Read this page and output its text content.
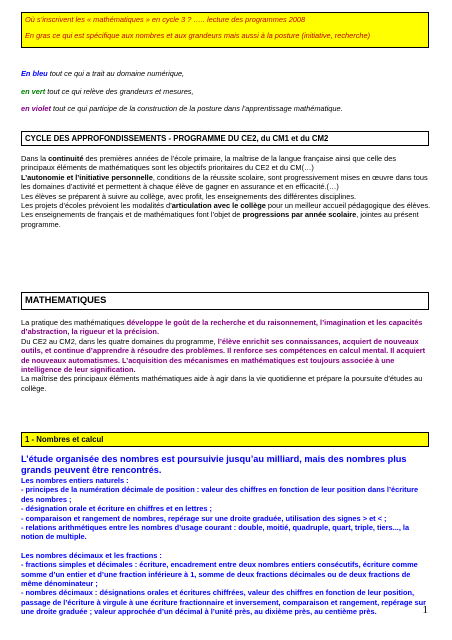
Où s’inscrivent les « mathématiques » en cycle 3 ? ….. lecture des programmes 2008

En gras ce qui est spécifique aux nombres et aux grandeurs mais aussi à la posture (initiative, recherche)

En bleu tout ce qui a trait au domaine numérique,

en vert tout ce qui relève des grandeurs et mesures,

en violet tout ce qui participe de la construction de la posture dans l’apprentissage mathématique.

CYCLE DES APPROFONDISSEMENTS - PROGRAMME DU CE2, du CM1 et du CM2

Dans la continuité des premières années de l’école primaire, la maîtrise de la langue française ainsi que celle des principaux éléments de mathématiques sont les objectifs prioritaires du CE2 et du CM(…)

L’autonomie et l’initiative personnelle, conditions de la réussite scolaire, sont progressivement mises en œuvre dans tous les domaines d’activité et permettent à chaque élève de gagner en assurance et en efficacité.(…)

Les élèves se préparent à suivre au collège, avec profit, les enseignements des différentes disciplines.

Les projets d’écoles prévoient les modalités d’articulation avec le collège pour un meilleur accueil pédagogique des élèves.

Les enseignements de français et de mathématiques font l’objet de progressions par année scolaire, jointes au présent programme.

MATHEMATIQUES

La pratique des mathématiques développe le goût de la recherche et du raisonnement, l’imagination et les capacités d’abstraction, la rigueur et la précision.

Du CE2 au CM2, dans les quatre domaines du programme, l’élève enrichit ses connaissances, acquiert de nouveaux outils, et continue d’apprendre à résoudre des problèmes. Il renforce ses compétences en calcul mental. Il acquiert de nouveaux automatismes. L’acquisition des mécanismes en mathématiques est toujours associée à une intelligence de leur signification.

La maîtrise des principaux éléments mathématiques aide à agir dans la vie quotidienne et prépare la poursuite d’études au collège.

1 - Nombres et calcul

L’étude organisée des nombres est poursuivie jusqu’au milliard, mais des nombres plus grands peuvent être rencontrés.

Les nombres entiers naturels :

- principes de la numération décimale de position : valeur des chiffres en fonction de leur position dans l’écriture des nombres ;

- désignation orale et écriture en chiffres et en lettres ;

- comparaison et rangement de nombres, repérage sur une droite graduée, utilisation des signes > et < ;

- relations arithmétiques entre les nombres d’usage courant : double, moitié, quadruple, quart, triple, tiers..., la notion de multiple.

Les nombres décimaux et les fractions :

- fractions simples et décimales : écriture, encadrement entre deux nombres entiers consécutifs, écriture comme somme d’un entier et d’une fraction inférieure à 1, somme de deux fractions décimales ou de deux fractions de même dénominateur ;

- nombres décimaux : désignations orales et écritures chiffrées, valeur des chiffres en fonction de leur position, passage de l’écriture à virgule à une écriture fractionnaire et inversement, comparaison et rangement, repérage sur une droite graduée ; valeur approchée d’un décimal à l’unité près, au dixième près, au centième près.	1
